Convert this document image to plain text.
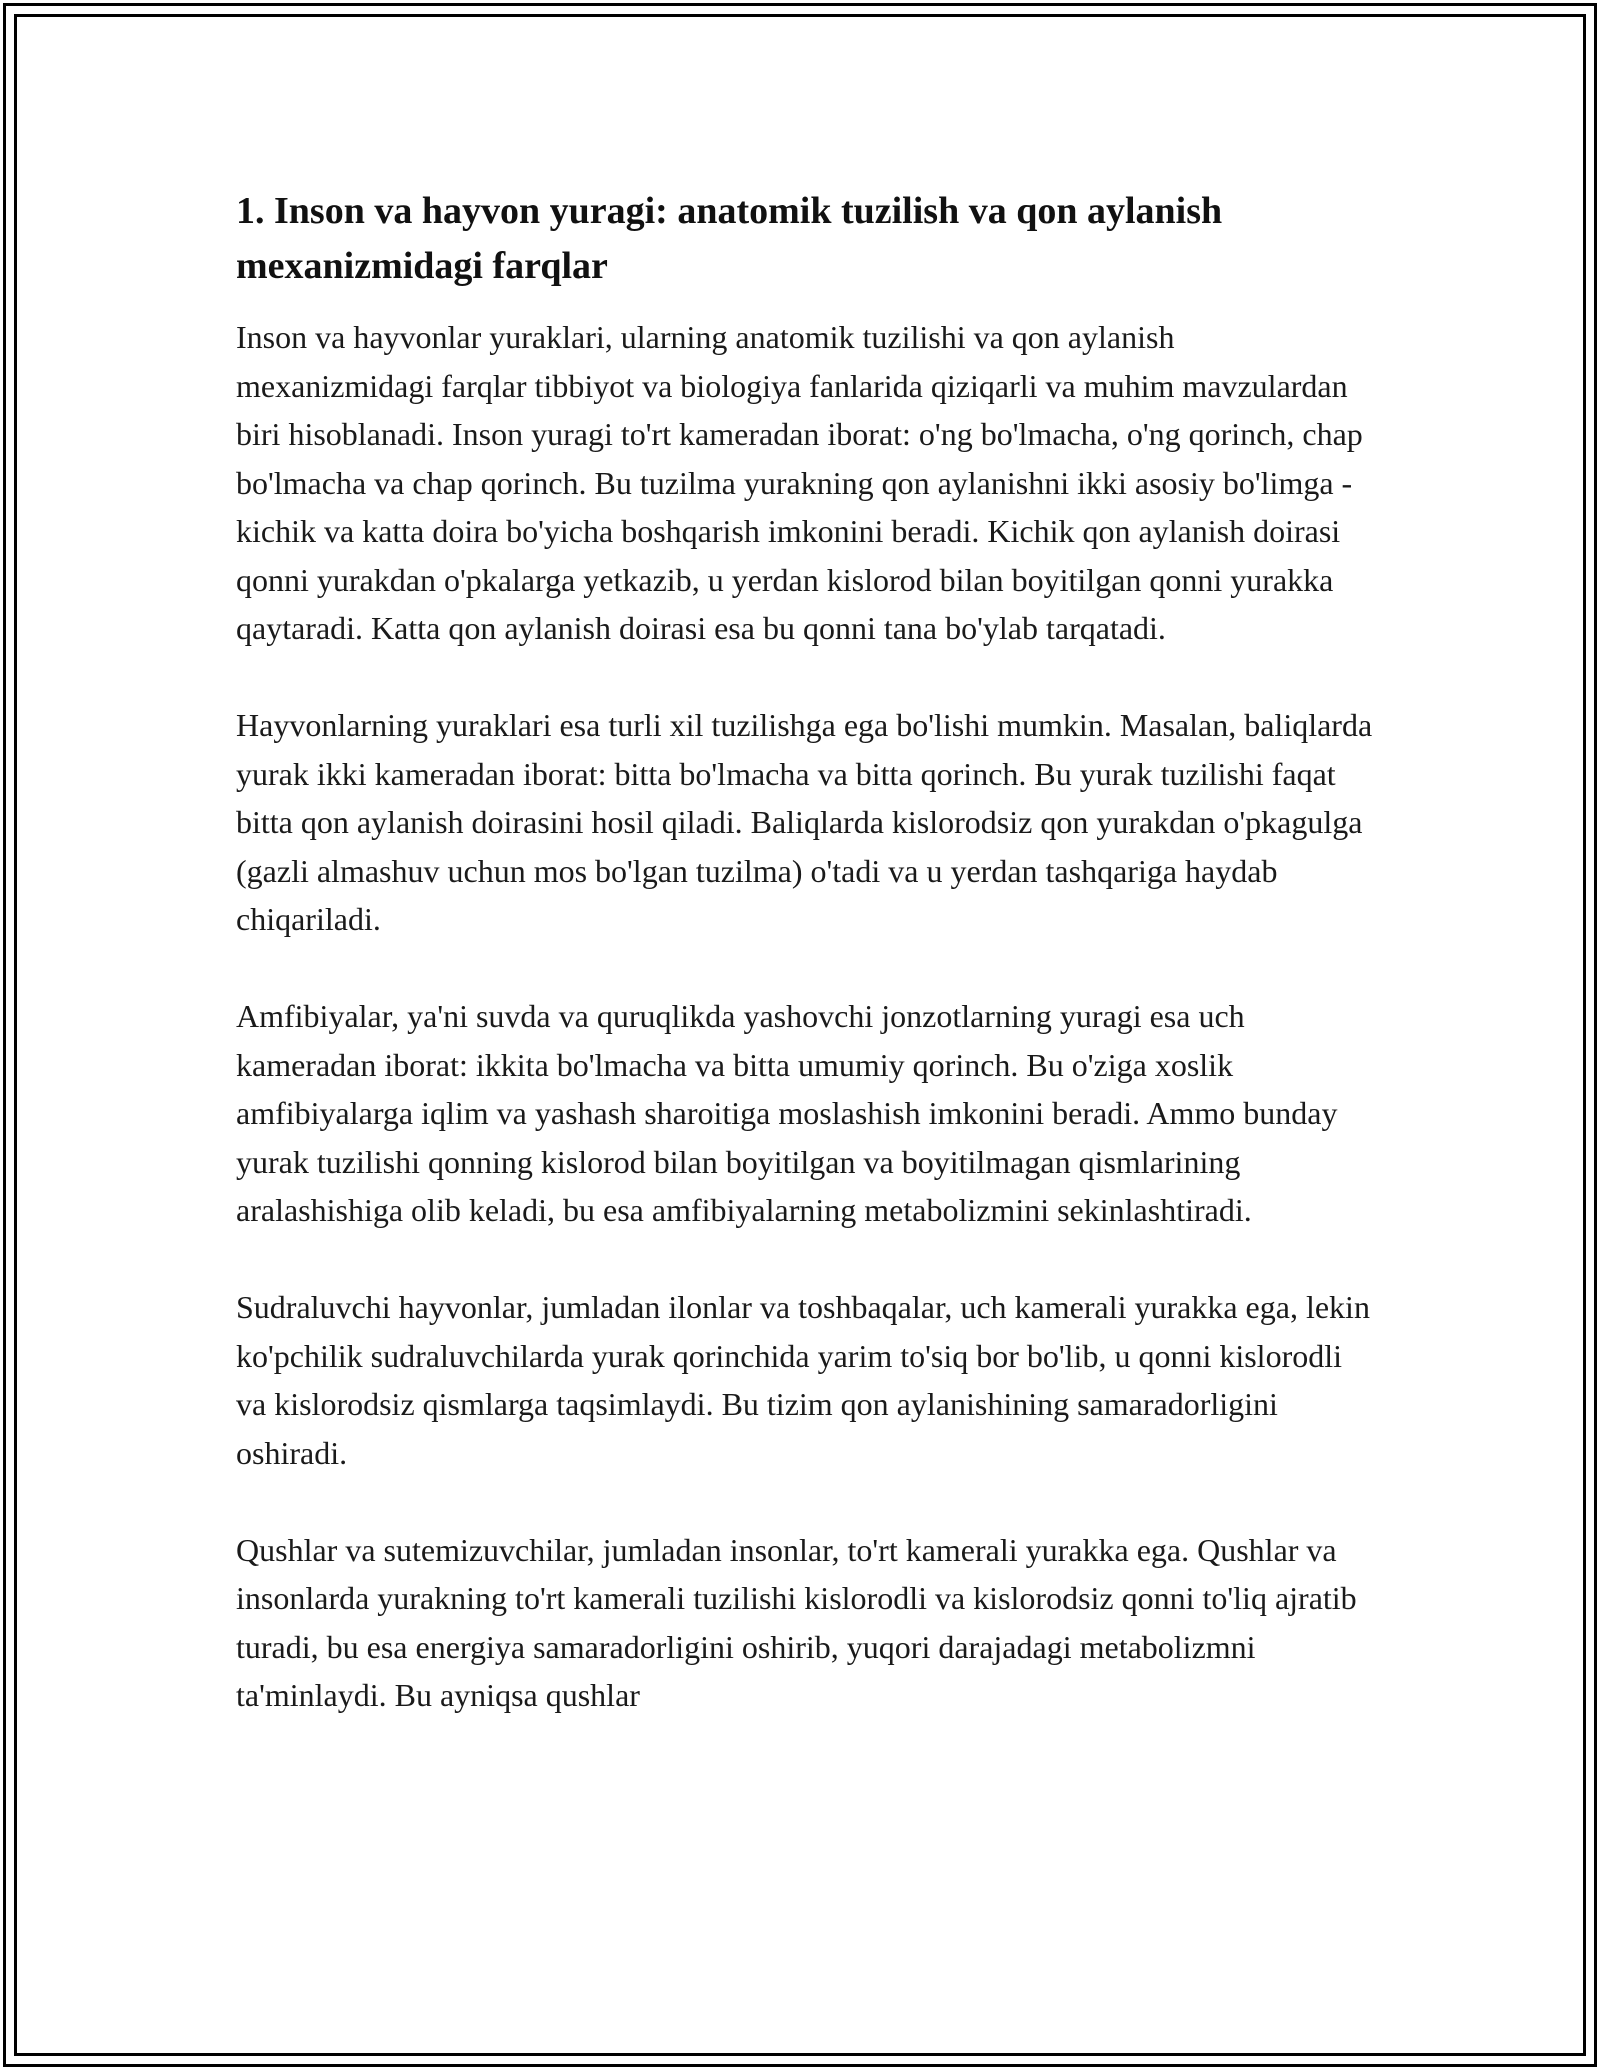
1. Inson va hayvon yuragi: anatomik tuzilish va qon aylanish mexanizmidagi farqlar

Inson va hayvonlar yuraklari, ularning anatomik tuzilishi va qon aylanish mexanizmidagi farqlar tibbiyot va biologiya fanlarida qiziqarli va muhim mavzulardan biri hisoblanadi. Inson yuragi to'rt kameradan iborat: o'ng bo'lmacha, o'ng qorinch, chap bo'lmacha va chap qorinch. Bu tuzilma yurakning qon aylanishni ikki asosiy bo'limga - kichik va katta doira bo'yicha boshqarish imkonini beradi. Kichik qon aylanish doirasi qonni yurakdan o'pkalarga yetkazib, u yerdan kislorod bilan boyitilgan qonni yurakka qaytaradi. Katta qon aylanish doirasi esa bu qonni tana bo'ylab tarqatadi.

Hayvonlarning yuraklari esa turli xil tuzilishga ega bo'lishi mumkin. Masalan, baliqlarda yurak ikki kameradan iborat: bitta bo'lmacha va bitta qorinch. Bu yurak tuzilishi faqat bitta qon aylanish doirasini hosil qiladi. Baliqlarda kislorodsiz qon yurakdan o'pkagulga (gazli almashuv uchun mos bo'lgan tuzilma) o'tadi va u yerdan tashqariga haydab chiqariladi.

Amfibiyalar, ya'ni suvda va quruqlikda yashovchi jonzotlarning yuragi esa uch kameradan iborat: ikkita bo'lmacha va bitta umumiy qorinch. Bu o'ziga xoslik amfibiyalarga iqlim va yashash sharoitiga moslashish imkonini beradi. Ammo bunday yurak tuzilishi qonning kislorod bilan boyitilgan va boyitilmagan qismlarining aralashishiga olib keladi, bu esa amfibiyalarning metabolizmini sekinlashtiradi.

Sudraluvchi hayvonlar, jumladan ilonlar va toshbaqalar, uch kamerali yurakka ega, lekin ko'pchilik sudraluvchilarda yurak qorinchida yarim to'siq bor bo'lib, u qonni kislorodli va kislorodsiz qismlarga taqsimlaydi. Bu tizim qon aylanishining samaradorligini oshiradi.

Qushlar va sutemizuvchilar, jumladan insonlar, to'rt kamerali yurakka ega. Qushlar va insonlarda yurakning to'rt kamerali tuzilishi kislorodli va kislorodsiz qonni to'liq ajratib turadi, bu esa energiya samaradorligini oshirib, yuqori darajadagi metabolizmni ta'minlaydi. Bu ayniqsa qushlar
